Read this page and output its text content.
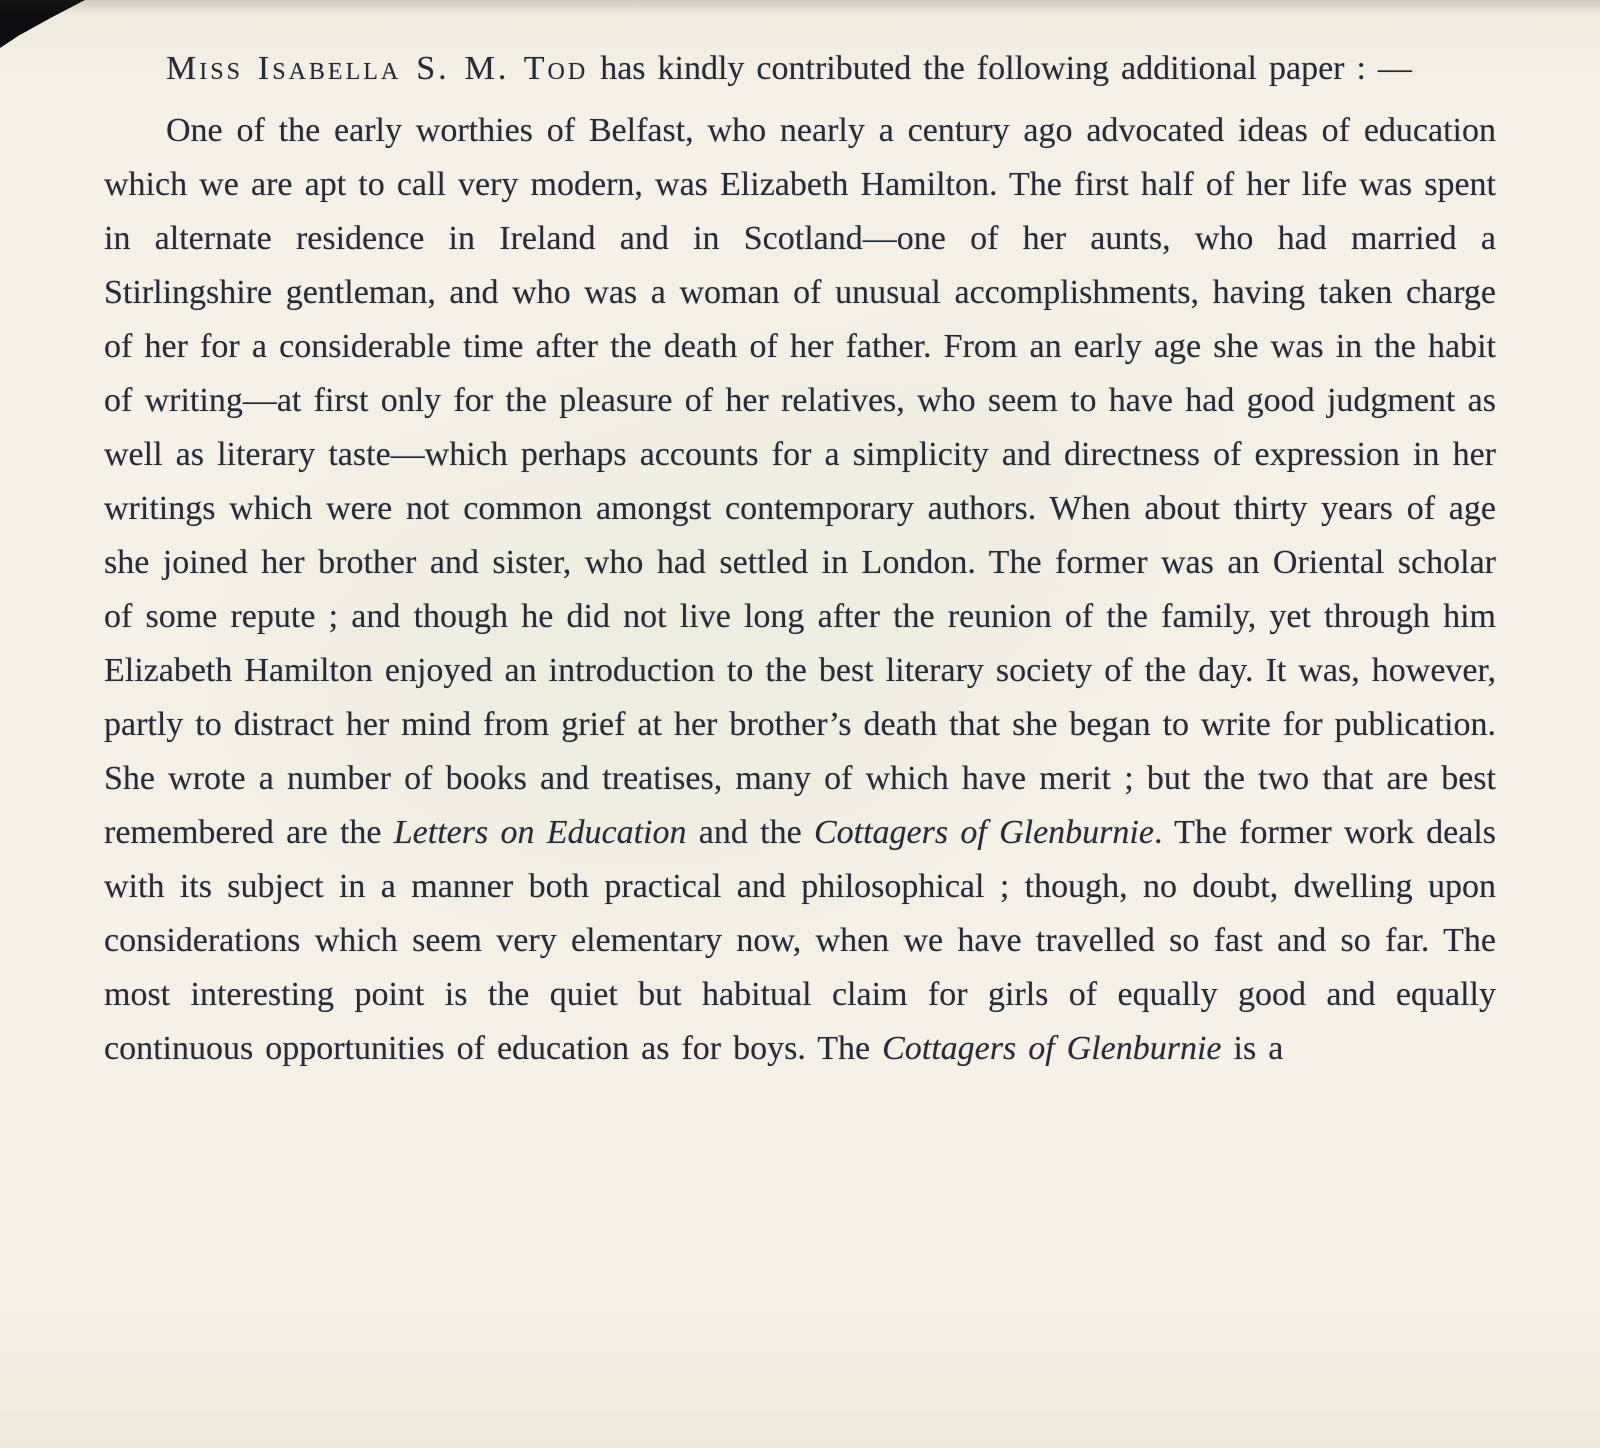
Miss Isabella S. M. Tod has kindly contributed the following additional paper : —

One of the early worthies of Belfast, who nearly a century ago advocated ideas of education which we are apt to call very modern, was Elizabeth Hamilton. The first half of her life was spent in alternate residence in Ireland and in Scotland—one of her aunts, who had married a Stirlingshire gentleman, and who was a woman of unusual accomplishments, having taken charge of her for a considerable time after the death of her father. From an early age she was in the habit of writing—at first only for the pleasure of her relatives, who seem to have had good judgment as well as literary taste—which perhaps accounts for a simplicity and directness of expression in her writings which were not common amongst contemporary authors. When about thirty years of age she joined her brother and sister, who had settled in London. The former was an Oriental scholar of some repute ; and though he did not live long after the reunion of the family, yet through him Elizabeth Hamilton enjoyed an introduction to the best literary society of the day. It was, however, partly to distract her mind from grief at her brother’s death that she began to write for publication. She wrote a number of books and treatises, many of which have merit ; but the two that are best remembered are the Letters on Education and the Cottagers of Glenburnie. The former work deals with its subject in a manner both practical and philosophical ; though, no doubt, dwelling upon considerations which seem very elementary now, when we have travelled so fast and so far. The most interesting point is the quiet but habitual claim for girls of equally good and equally continuous opportunities of education as for boys. The Cottagers of Glenburnie is a
